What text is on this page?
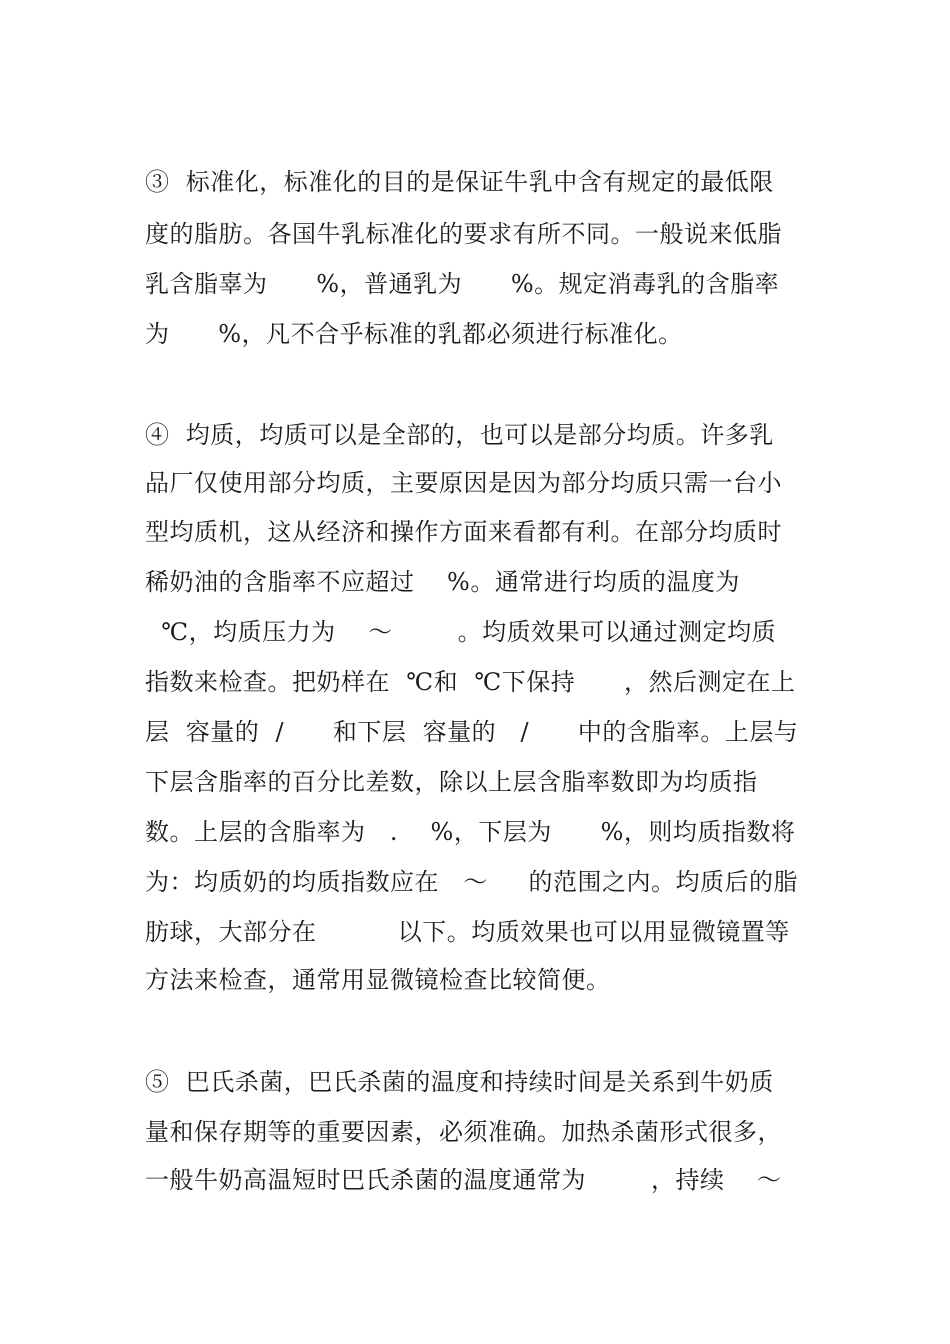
③  标准化，标准化的目的是保证牛乳中含有规定的最低限
度的脂肪。各国牛乳标准化的要求有所不同。一般说来低脂
乳含脂辜为      %，普通乳为      %。规定消毒乳的含脂率
为      %，凡不合乎标准的乳都必须进行标准化。
④  均质，均质可以是全部的，也可以是部分均质。许多乳
品厂仅使用部分均质，主要原因是因为部分均质只需一台小
型均质机，这从经济和操作方面来看都有利。在部分均质时
稀奶油的含脂率不应超过    %。通常进行均质的温度为
℃，均质压力为    ～        。均质效果可以通过测定均质
指数来检查。把奶样在  ℃和  ℃下保持      ，然后测定在上
层  容量的  /      和下层  容量的   /      中的含脂率。上层与
下层含脂率的百分比差数，除以上层含脂率数即为均质指
数。上层的含脂率为   .    %，下层为      %，则均质指数将
为：均质奶的均质指数应在   ～     的范围之内。均质后的脂
肪球，大部分在          以下。均质效果也可以用显微镜置等
方法来检查，通常用显微镜检查比较简便。
⑤  巴氏杀菌，巴氏杀菌的温度和持续时间是关系到牛奶质
量和保存期等的重要因素，必须准确。加热杀菌形式很多，
一般牛奶高温短时巴氏杀菌的温度通常为        ，持续    ～
